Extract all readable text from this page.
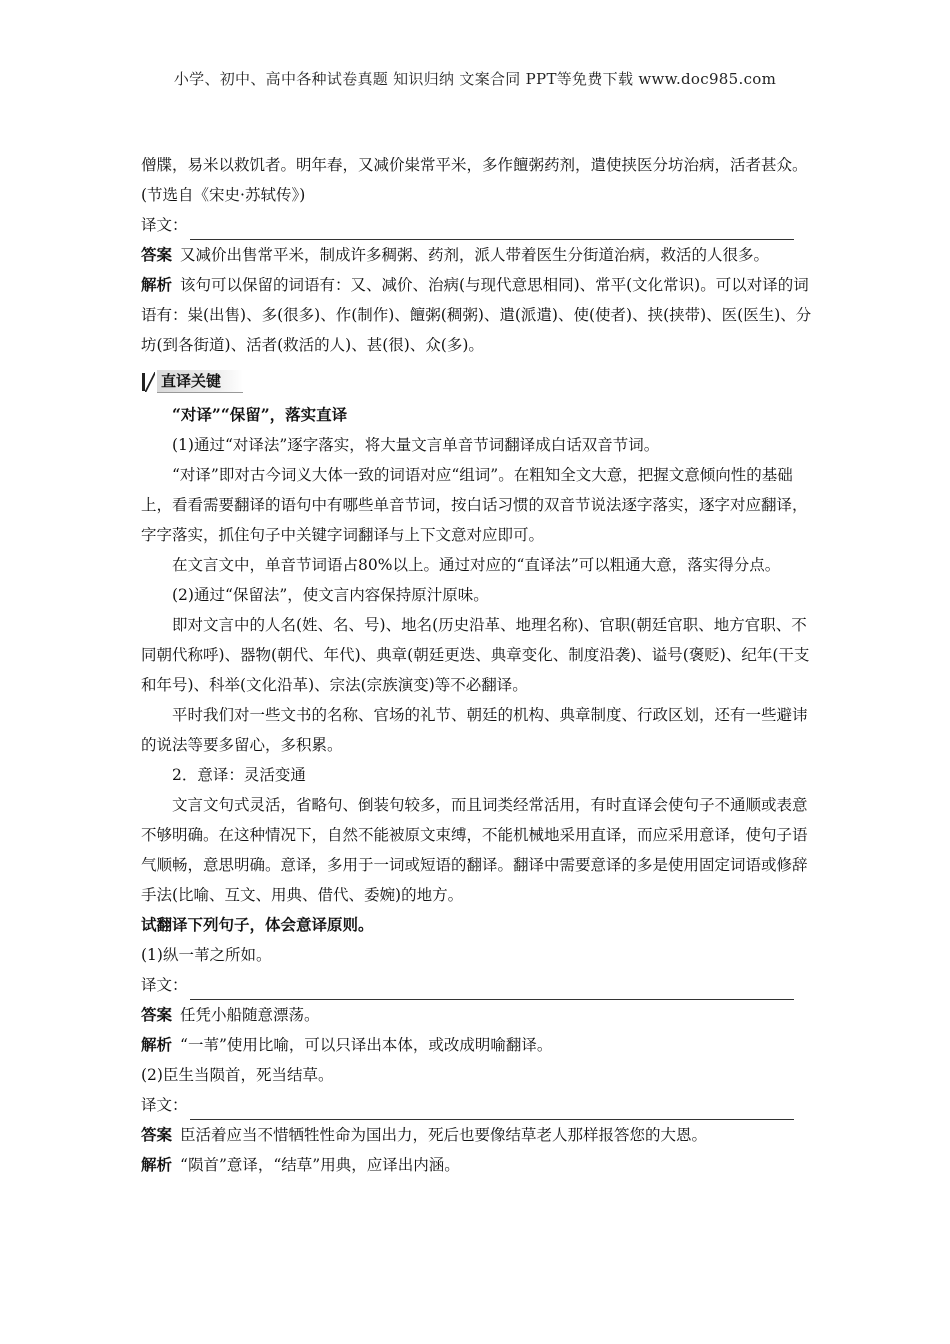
小学、初中、高中各种试卷真题 知识归纳 文案合同 PPT等免费下载 www.doc985.com

僧牒，易米以救饥者。明年春，又减价粜常平米，多作饘粥药剂，遣使挟医分坊治病，活者甚众。(节选自《宋史·苏轼传》)

译文：

答案 又减价出售常平米，制成许多稠粥、药剂，派人带着医生分街道治病，救活的人很多。

解析 该句可以保留的词语有：又、减价、治病(与现代意思相同)、常平(文化常识)。可以对译的词语有：粜(出售)、多(很多)、作(制作)、饘粥(稠粥)、遣(派遣)、使(使者)、挟(挟带)、医(医生)、分坊(到各街道)、活者(救活的人)、甚(很)、众(多)。

直译关键

“对译”“保留”，落实直译

(1)通过“对译法”逐字落实，将大量文言单音节词翻译成白话双音节词。

“对译”即对古今词义大体一致的词语对应“组词”。在粗知全文大意，把握文意倾向性的基础上，看看需要翻译的语句中有哪些单音节词，按白话习惯的双音节说法逐字落实，逐字对应翻译，字字落实，抓住句子中关键字词翻译与上下文意对应即可。

在文言文中，单音节词语占80%以上。通过对应的“直译法”可以粗通大意，落实得分点。

(2)通过“保留法”，使文言内容保持原汁原味。

即对文言中的人名(姓、名、号)、地名(历史沿革、地理名称)、官职(朝廷官职、地方官职、不同朝代称呼)、器物(朝代、年代)、典章(朝廷更迭、典章变化、制度沿袭)、谥号(褒贬)、纪年(干支和年号)、科举(文化沿革)、宗法(宗族演变)等不必翻译。

平时我们对一些文书的名称、官场的礼节、朝廷的机构、典章制度、行政区划，还有一些避讳的说法等要多留心，多积累。

2．意译：灵活变通

文言文句式灵活，省略句、倒装句较多，而且词类经常活用，有时直译会使句子不通顺或表意不够明确。在这种情况下，自然不能被原文束缚，不能机械地采用直译，而应采用意译，使句子语气顺畅，意思明确。意译，多用于一词或短语的翻译。翻译中需要意译的多是使用固定词语或修辞手法(比喻、互文、用典、借代、委婉)的地方。

试翻译下列句子，体会意译原则。

(1)纵一苇之所如。

译文：

答案 任凭小船随意漂荡。

解析 “一苇”使用比喻，可以只译出本体，或改成明喻翻译。

(2)臣生当陨首，死当结草。

译文：

答案 臣活着应当不惜牺牲性命为国出力，死后也要像结草老人那样报答您的大恩。

解析 “陨首”意译，“结草”用典，应译出内涵。
